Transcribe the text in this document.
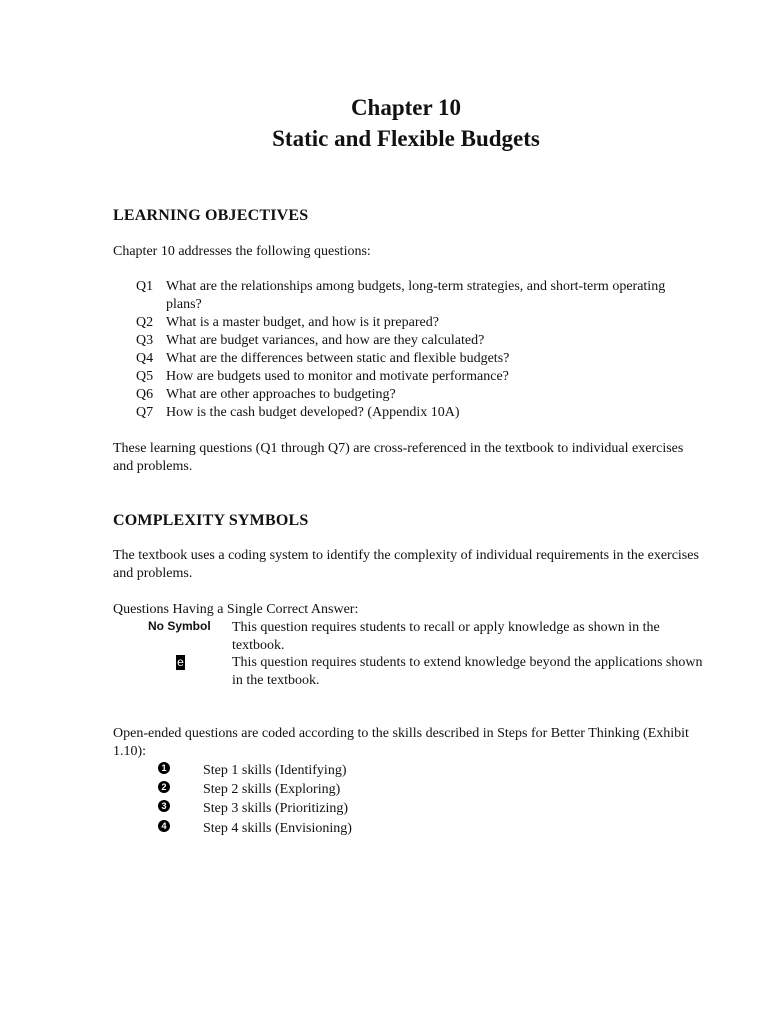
Chapter 10
Static and Flexible Budgets
LEARNING OBJECTIVES
Chapter 10 addresses the following questions:
Q1 What are the relationships among budgets, long-term strategies, and short-term operating plans?
Q2 What is a master budget, and how is it prepared?
Q3 What are budget variances, and how are they calculated?
Q4 What are the differences between static and flexible budgets?
Q5 How are budgets used to monitor and motivate performance?
Q6 What are other approaches to budgeting?
Q7 How is the cash budget developed? (Appendix 10A)
These learning questions (Q1 through Q7) are cross-referenced in the textbook to individual exercises and problems.
COMPLEXITY SYMBOLS
The textbook uses a coding system to identify the complexity of individual requirements in the exercises and problems.
Questions Having a Single Correct Answer:
No Symbol This question requires students to recall or apply knowledge as shown in the textbook.
e	This question requires students to extend knowledge beyond the applications shown in the textbook.
Open-ended questions are coded according to the skills described in Steps for Better Thinking (Exhibit 1.10):
1	Step 1 skills (Identifying)
2	Step 2 skills (Exploring)
3	Step 3 skills (Prioritizing)
4	Step 4 skills (Envisioning)
